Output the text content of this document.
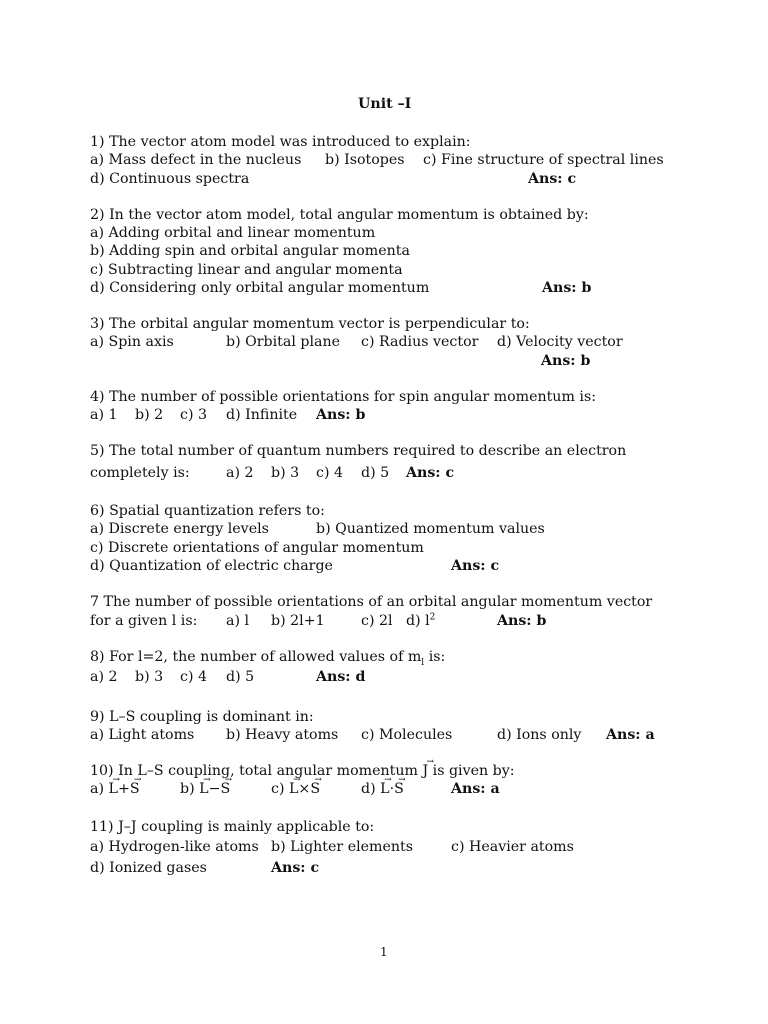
Unit –I
1) The vector atom model was introduced to explain:
a) Mass defect in the nucleus b) Isotopes c) Fine structure of spectral lines
d) Continuous spectra	Ans: c
2) In the vector atom model, total angular momentum is obtained by:
a) Adding orbital and linear momentum
b) Adding spin and orbital angular momenta
c) Subtracting linear and angular momenta
d) Considering only orbital angular momentum	Ans: b
3) The orbital angular momentum vector is perpendicular to:
a) Spin axis	b) Orbital plane c) Radius vector d) Velocity vector
Ans: b
4) The number of possible orientations for spin angular momentum is:
a) 1 b) 2 c) 3 d) Infinite Ans: b
5) The total number of quantum numbers required to describe an electron
completely is:	a) 2 b) 3 c) 4 d) 5 Ans: c
6) Spatial quantization refers to:
a) Discrete energy levels	b) Quantized momentum values
c) Discrete orientations of angular momentum
d) Quantization of electric charge	Ans: c
7 The number of possible orientations of an orbital angular momentum vector
for a given l is: a) l b) 2l+1	c) 2l d) $l^2$	Ans: b
8) For l=2, the number of allowed values of $m_l$ is:
a) 2 b) 3 c) 4 d) 5	Ans: d
9) L–S coupling is dominant in:
a) Light atoms b) Heavy atoms c) Molecules	d) Ions only Ans: a
10) In L–S coupling, total angular momentum J → is given by:
a) L →+S →	b) L →−S →	c) L →×S →	d) L →·S →	Ans: a
11) J–J coupling is mainly applicable to:
a) Hydrogen-like atoms b) Lighter elements	c) Heavier atoms
d) Ionized gases	Ans: c
1
